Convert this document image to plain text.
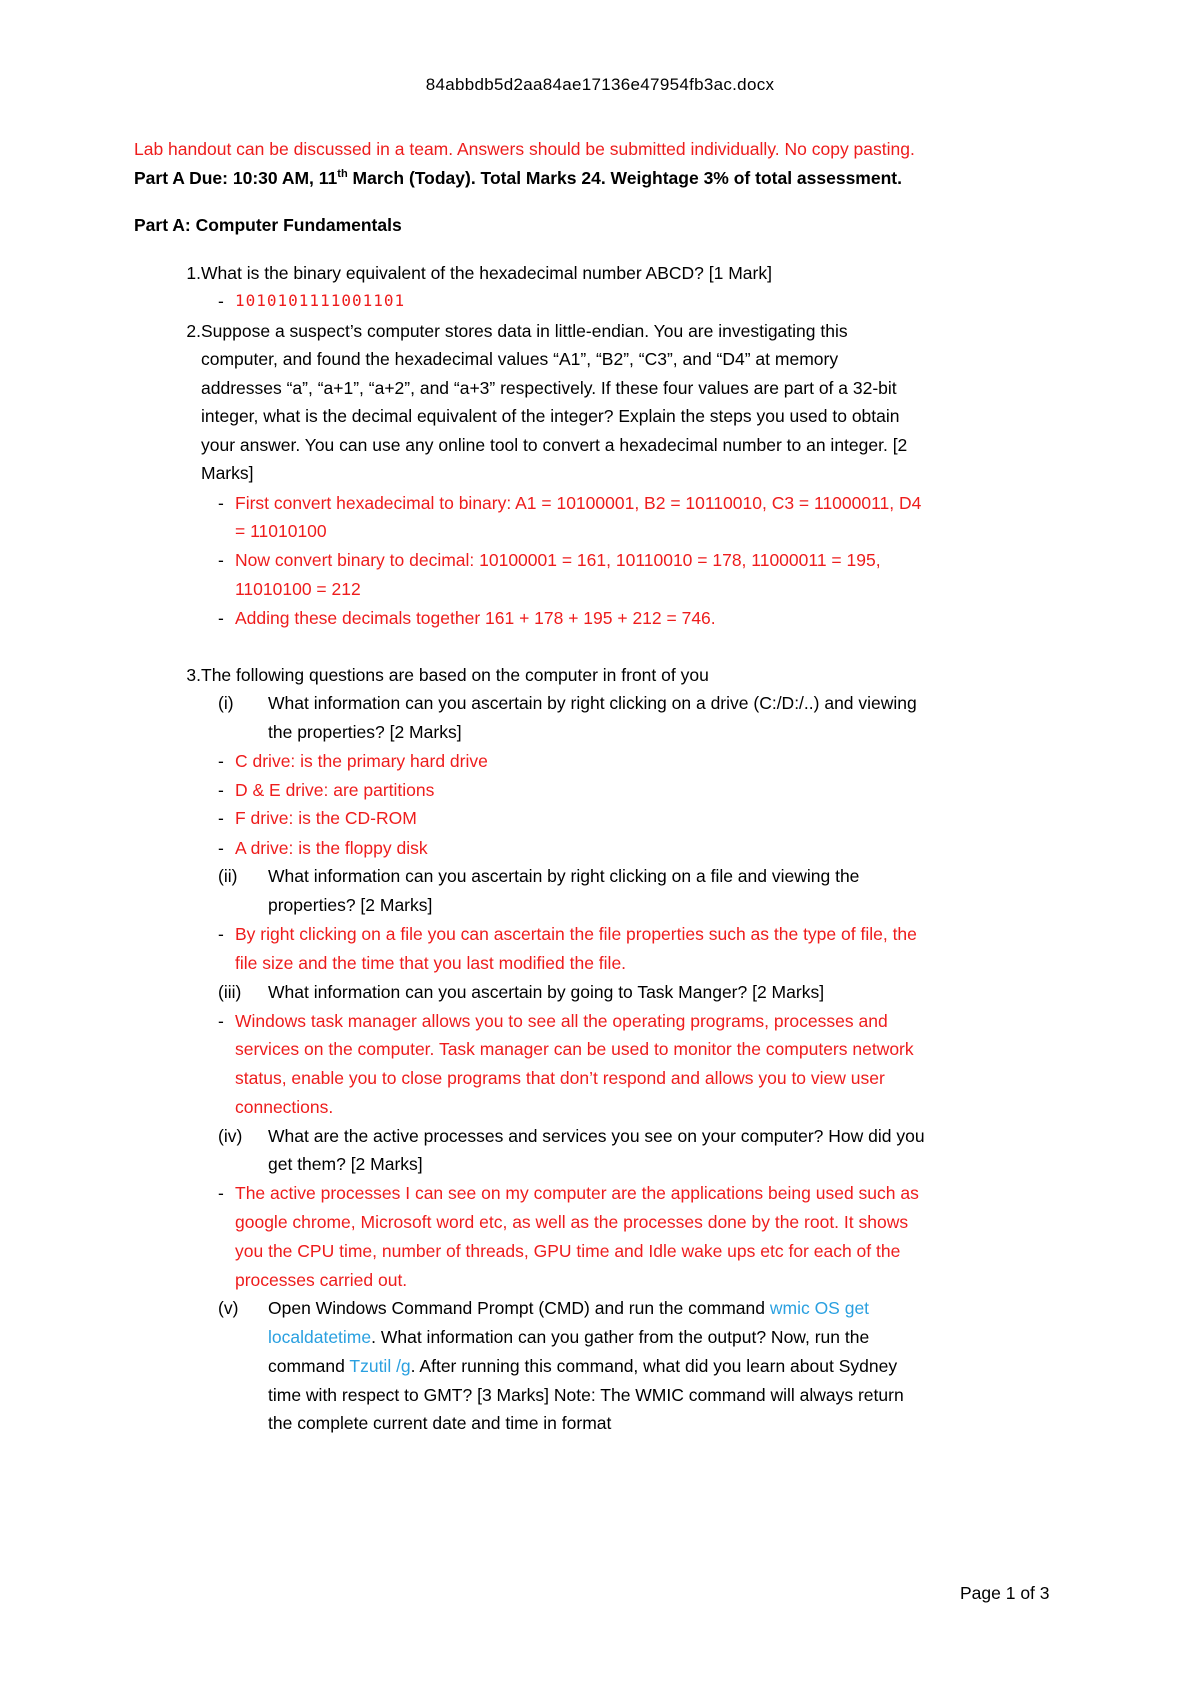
84abbdb5d2aa84ae17136e47954fb3ac.docx
Lab handout can be discussed in a team. Answers should be submitted individually. No copy pasting.
Part A Due: 10:30 AM, 11th March (Today). Total Marks 24. Weightage 3% of total assessment.
Part A: Computer Fundamentals
1. What is the binary equivalent of the hexadecimal number ABCD? [1 Mark]
- 1010101111001101
2. Suppose a suspect’s computer stores data in little-endian. You are investigating this
computer, and found the hexadecimal values “A1”, “B2”, “C3”, and “D4” at memory
addresses “a”, “a+1”, “a+2”, and “a+3” respectively. If these four values are part of a 32-bit
integer, what is the decimal equivalent of the integer? Explain the steps you used to obtain
your answer. You can use any online tool to convert a hexadecimal number to an integer. [2
Marks]
- First convert hexadecimal to binary: A1 = 10100001, B2 = 10110010, C3 = 11000011, D4
= 11010100
- Now convert binary to decimal: 10100001 = 161, 10110010 = 178, 11000011 = 195,
11010100 = 212
- Adding these decimals together 161 + 178 + 195 + 212 = 746.
3. The following questions are based on the computer in front of you
(i) What information can you ascertain by right clicking on a drive (C:/D:/..) and viewing
the properties? [2 Marks]
- C drive: is the primary hard drive
- D & E drive: are partitions
- F drive: is the CD-ROM
- A drive: is the floppy disk
(ii) What information can you ascertain by right clicking on a file and viewing the
properties? [2 Marks]
- By right clicking on a file you can ascertain the file properties such as the type of file, the
file size and the time that you last modified the file.
(iii) What information can you ascertain by going to Task Manger? [2 Marks]
- Windows task manager allows you to see all the operating programs, processes and
services on the computer. Task manager can be used to monitor the computers network
status, enable you to close programs that don’t respond and allows you to view user
connections.
(iv) What are the active processes and services you see on your computer? How did you
get them? [2 Marks]
- The active processes I can see on my computer are the applications being used such as
google chrome, Microsoft word etc, as well as the processes done by the root. It shows
you the CPU time, number of threads, GPU time and Idle wake ups etc for each of the
processes carried out.
(v) Open Windows Command Prompt (CMD) and run the command wmic OS get
localdatetime. What information can you gather from the output? Now, run the
command Tzutil /g. After running this command, what did you learn about Sydney
time with respect to GMT? [3 Marks] Note: The WMIC command will always return
the complete current date and time in format
Page 1 of 3
